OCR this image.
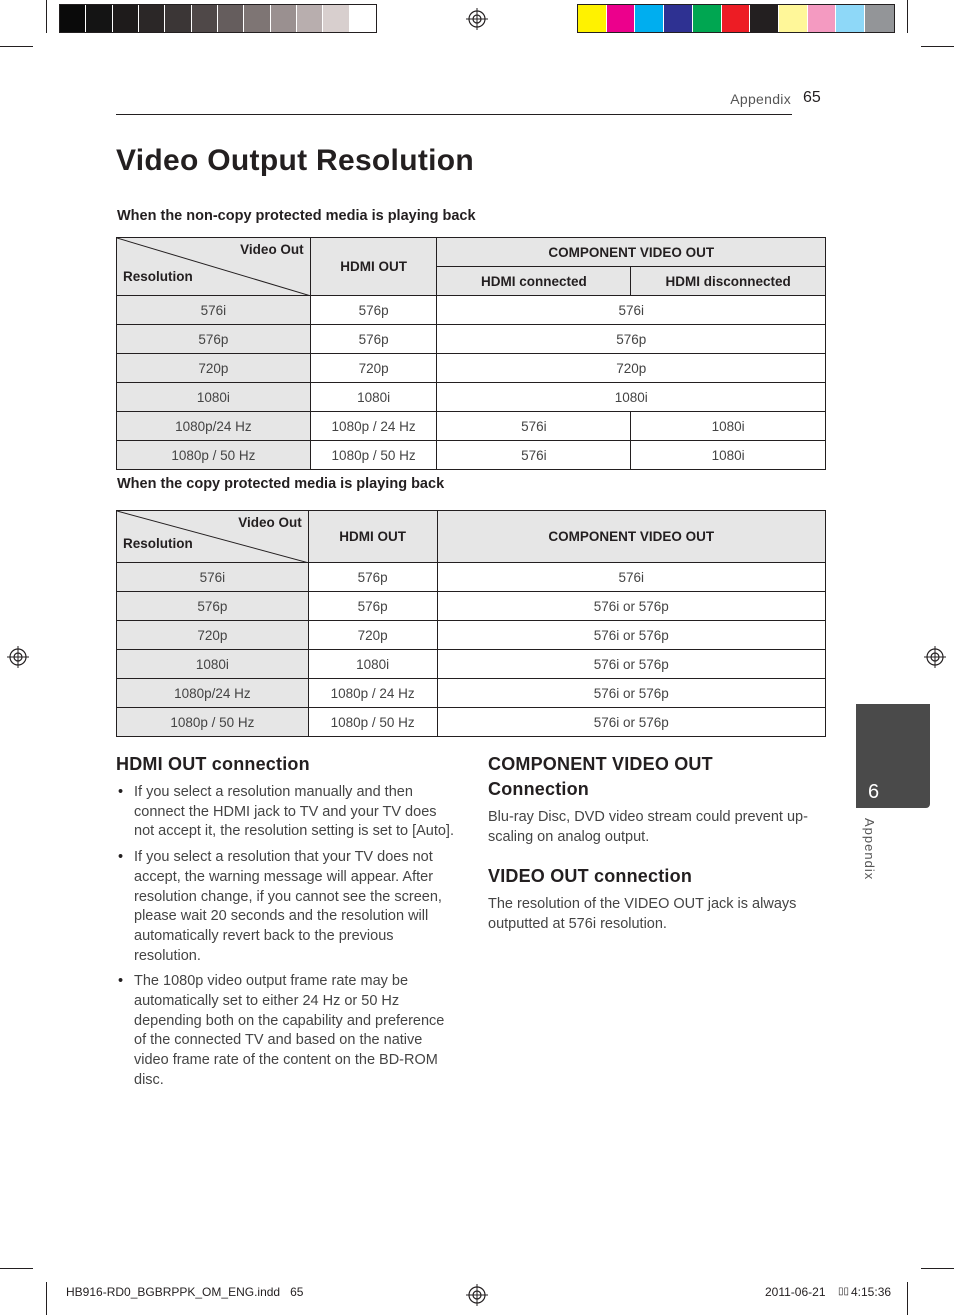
Appendix 65
Video Output Resolution
When the non-copy protected media is playing back
Video Out
Resolution	HDMI OUT	COMPONENT VIDEO OUT	
		HDMI connected	HDMI disconnected
576i	576p	576i	
576p	576p	576p	
720p	720p	720p	
1080i	1080i	1080i	
1080p/24 Hz	1080p / 24 Hz	576i	1080i
1080p / 50 Hz	1080p / 50 Hz	576i	1080i
When the copy protected media is playing back
Video Out
Resolution	HDMI OUT	COMPONENT VIDEO OUT
576i	576p	576i
576p	576p	576i or 576p
720p	720p	576i or 576p
1080i	1080i	576i or 576p
1080p/24 Hz	1080p / 24 Hz	576i or 576p
1080p / 50 Hz	1080p / 50 Hz	576i or 576p
HDMI OUT connection
• If you select a resolution manually and then connect the HDMI jack to TV and your TV does not accept it, the resolution setting is set to [Auto].
• If you select a resolution that your TV does not accept, the warning message will appear. After resolution change, if you cannot see the screen, please wait 20 seconds and the resolution will automatically revert back to the previous resolution.
• The 1080p video output frame rate may be automatically set to either 24 Hz or 50 Hz depending both on the capability and preference of the connected TV and based on the native video frame rate of the content on the BD-ROM disc.
COMPONENT VIDEO OUT
Connection
Blu-ray Disc, DVD video stream could prevent up-scaling on analog output.
VIDEO OUT connection
The resolution of the VIDEO OUT jack is always outputted at 576i resolution.
6
Appendix
HB916-RD0_BGBRPPK_OM_ENG.indd   65	2011-06-21 ▯▯ 4:15:36
